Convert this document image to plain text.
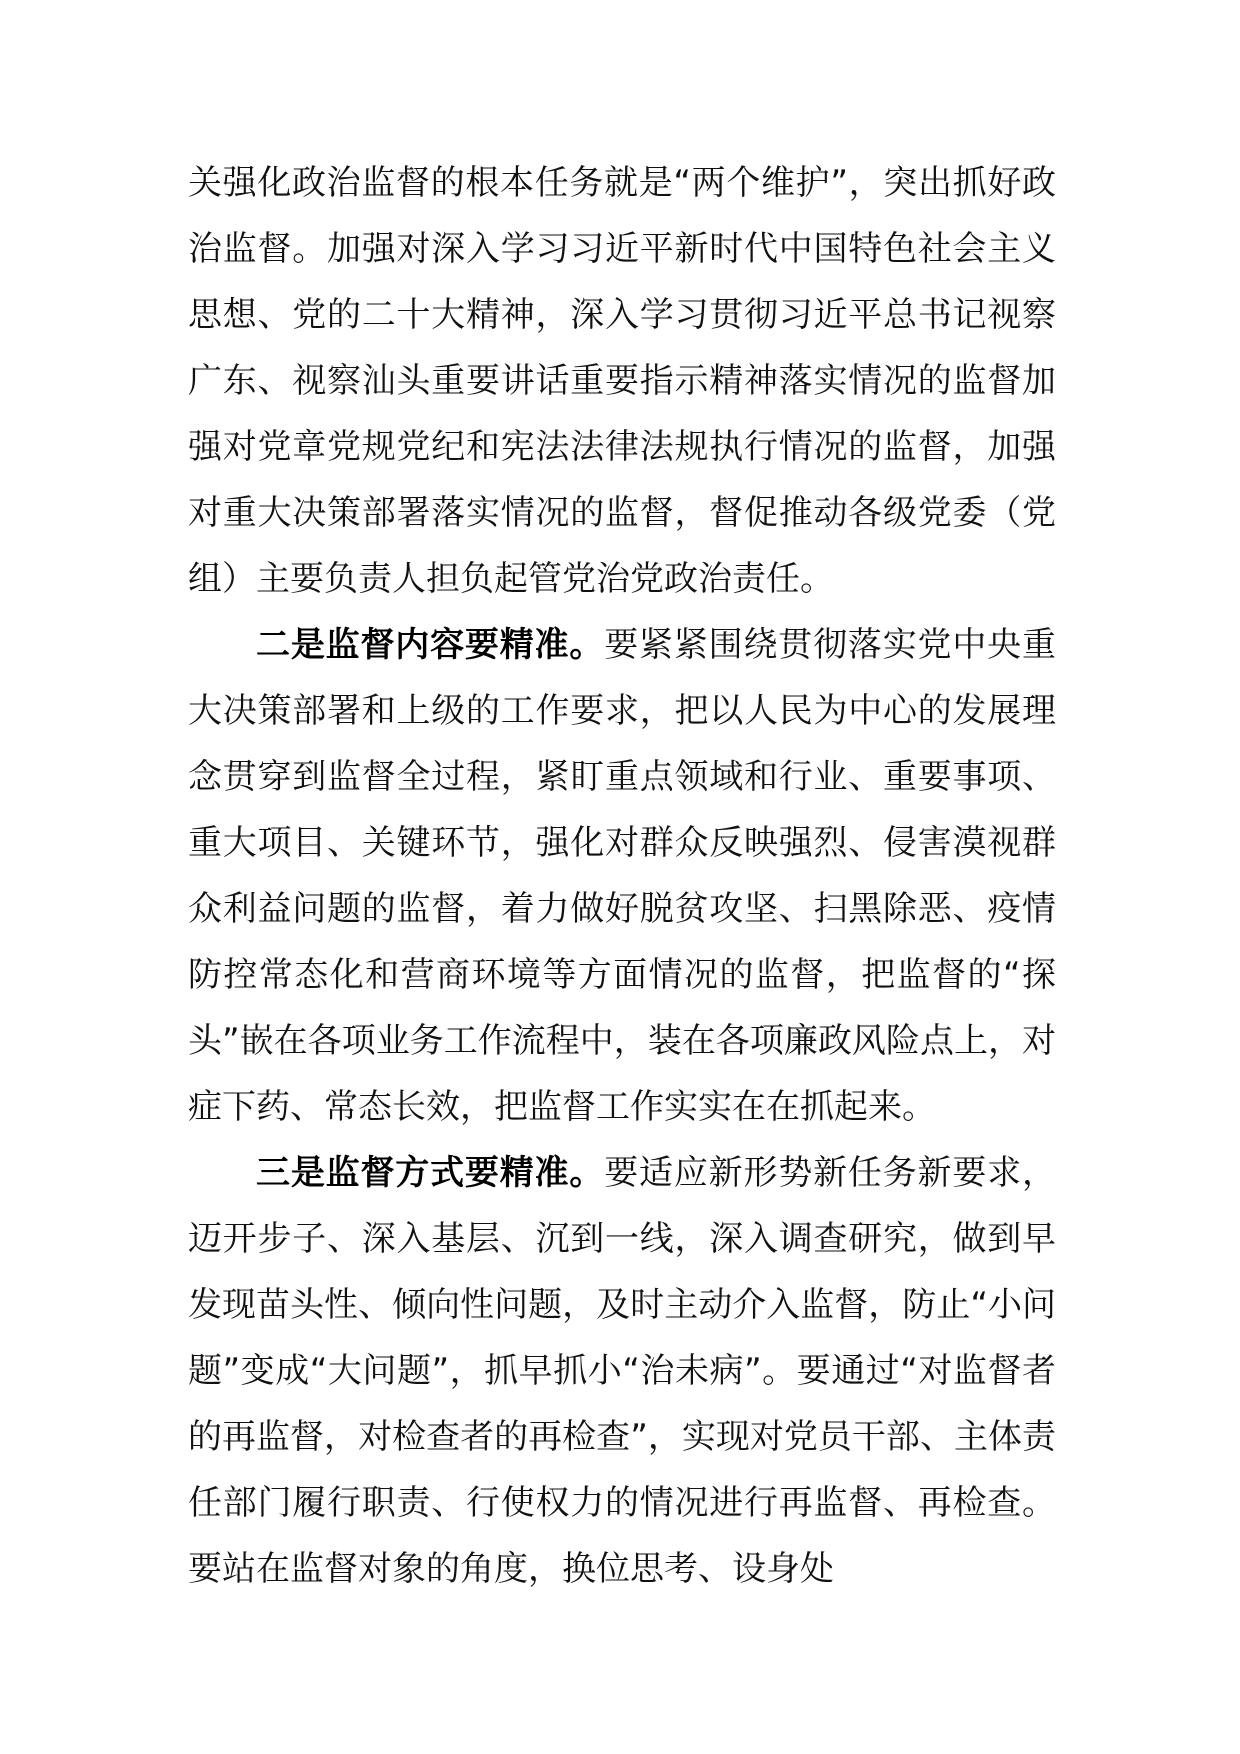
关强化政治监督的根本任务就是“两个维护”，突出抓好政治监督。加强对深入学习习近平新时代中国特色社会主义思想、党的二十大精神，深入学习贯彻习近平总书记视察广东、视察汕头重要讲话重要指示精神落实情况的监督加强对党章党规党纪和宪法法律法规执行情况的监督，加强对重大决策部署落实情况的监督，督促推动各级党委（党组）主要负责人担负起管党治党政治责任。

二是监督内容要精准。要紧紧围绕贯彻落实党中央重大决策部署和上级的工作要求，把以人民为中心的发展理念贯穿到监督全过程，紧盯重点领域和行业、重要事项、重大项目、关键环节，强化对群众反映强烈、侵害漠视群众利益问题的监督，着力做好脱贫攻坚、扫黑除恶、疫情防控常态化和营商环境等方面情况的监督，把监督的“探头”嵌在各项业务工作流程中，装在各项廉政风险点上，对症下药、常态长效，把监督工作实实在在抓起来。

三是监督方式要精准。要适应新形势新任务新要求，迈开步子、深入基层、沉到一线，深入调查研究，做到早发现苗头性、倾向性问题，及时主动介入监督，防止“小问题”变成“大问题”，抓早抓小“治未病”。要通过“对监督者的再监督，对检查者的再检查”，实现对党员干部、主体责任部门履行职责、行使权力的情况进行再监督、再检查。要站在监督对象的角度，换位思考、设身处
